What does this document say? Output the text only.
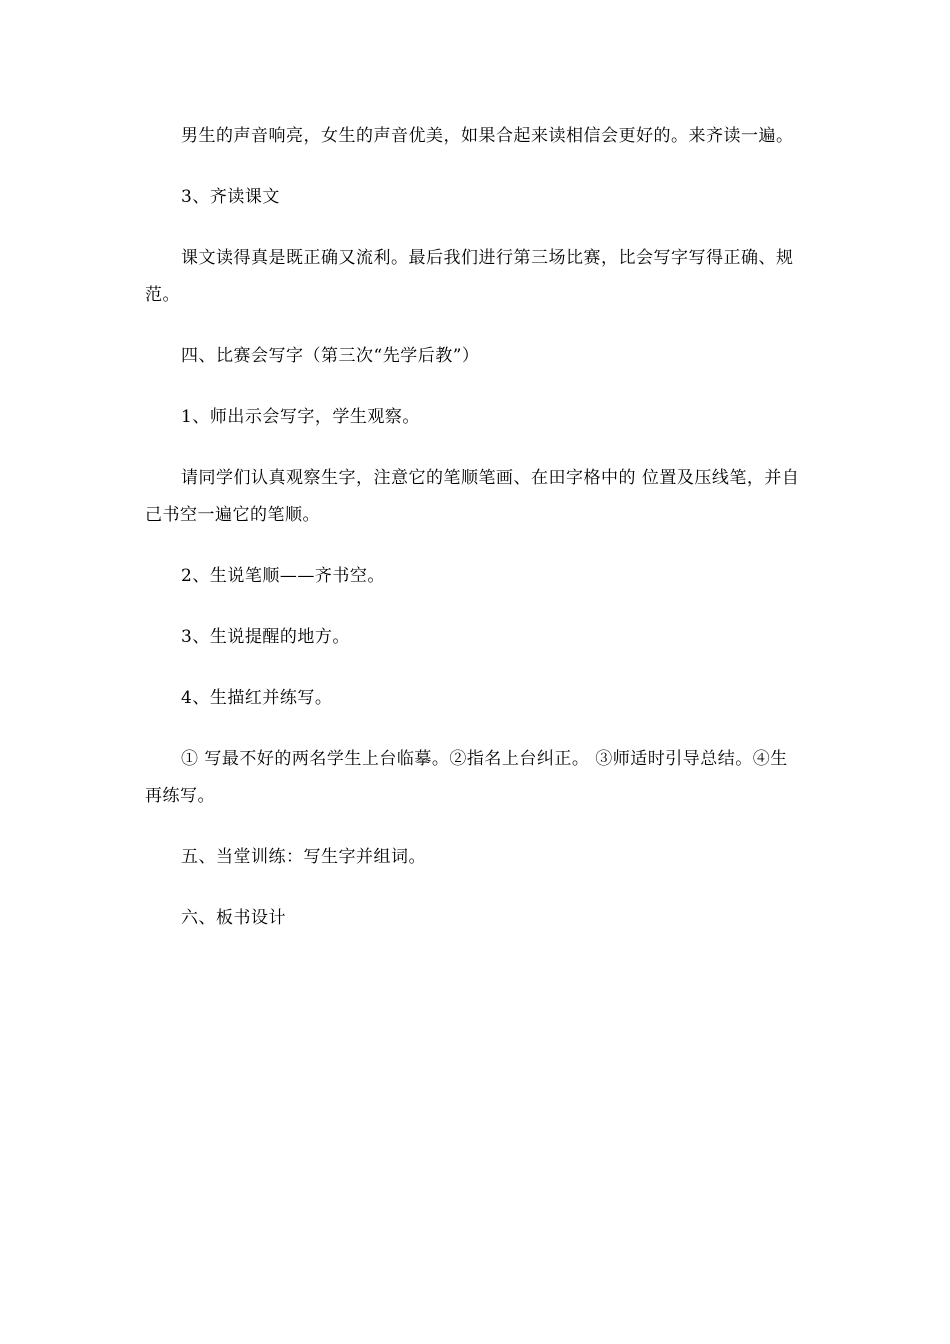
男生的声音响亮，女生的声音优美，如果合起来读相信会更好的。来齐读一遍。

3、齐读课文

课文读得真是既正确又流利。最后我们进行第三场比赛，比会写字写得正确、规范。

四、比赛会写字（第三次“先学后教”）

1、师出示会写字，学生观察。

请同学们认真观察生字，注意它的笔顺笔画、在田字格中的 位置及压线笔，并自己书空一遍它的笔顺。

2、生说笔顺——齐书空。

3、生说提醒的地方。

4、生描红并练写。

① 写最不好的两名学生上台临摹。②指名上台纠正。 ③师适时引导总结。④生再练写。

五、当堂训练：写生字并组词。

六、板书设计
